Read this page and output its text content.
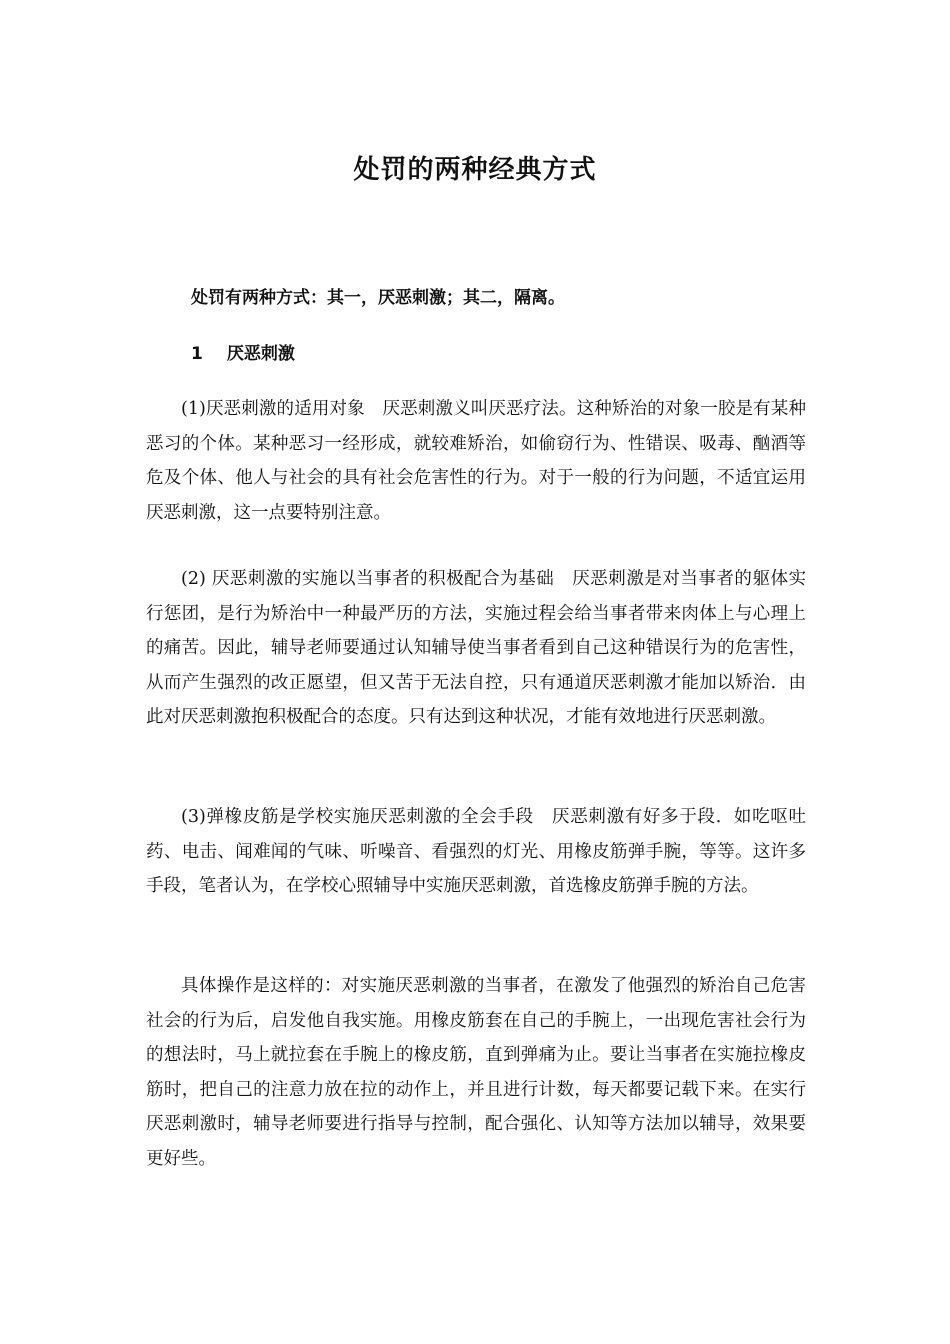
处罚的两种经典方式
处罚有两种方式：其一，厌恶刺激；其二，隔离。
1 厌恶刺激

(1)厌恶刺激的适用对象　厌恶刺激义叫厌恶疗法。这种矫治的对象一胶是有某种恶习的个体。某种恶习一经形成，就较难矫治，如偷窃行为、性错误、吸毒、酗酒等危及个体、他人与社会的具有社会危害性的行为。对于一般的行为问题，不适宜运用厌恶刺激，这一点要特别注意。

(2) 厌恶刺激的实施以当事者的积极配合为基础　厌恶刺激是对当事者的躯体实行惩团，是行为矫治中一种最严历的方法，实施过程会给当事者带来肉体上与心理上的痛苦。因此，辅导老师要通过认知辅导使当事者看到自己这种错误行为的危害性，从而产生强烈的改正愿望，但又苦于无法自控，只有通道厌恶刺激才能加以矫治．由此对厌恶刺激抱积极配合的态度。只有达到这种状况，才能有效地进行厌恶刺激。

(3)弹橡皮筋是学校实施厌恶刺激的全会手段　厌恶刺激有好多于段．如吃呕吐药、电击、闻难闻的气味、听噪音、看强烈的灯光、用橡皮筋弹手腕，等等。这许多手段，笔者认为，在学校心照辅导中实施厌恶刺激，首选橡皮筋弹手腕的方法。

具体操作是这样的：对实施厌恶刺激的当事者，在激发了他强烈的矫治自己危害社会的行为后，启发他自我实施。用橡皮筋套在自己的手腕上，一出现危害社会行为的想法时，马上就拉套在手腕上的橡皮筋，直到弹痛为止。要让当事者在实施拉橡皮筋时，把自己的注意力放在拉的动作上，并且进行计数，每天都要记载下来。在实行厌恶刺激时，辅导老师要进行指导与控制，配合强化、认知等方法加以辅导，效果要更好些。
